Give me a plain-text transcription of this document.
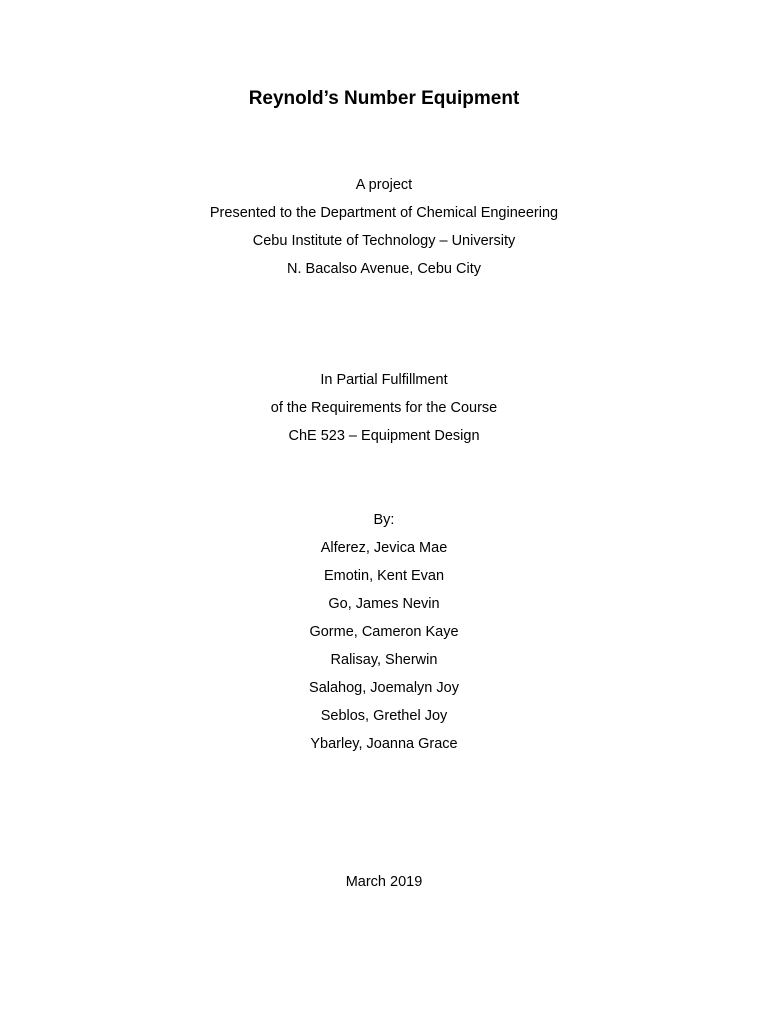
Reynold’s Number Equipment
A project
Presented to the Department of Chemical Engineering
Cebu Institute of Technology – University
N. Bacalso Avenue, Cebu City
In Partial Fulfillment
of the Requirements for the Course
ChE 523 – Equipment Design
By:
Alferez, Jevica Mae
Emotin, Kent Evan
Go, James Nevin
Gorme, Cameron Kaye
Ralisay, Sherwin
Salahog, Joemalyn Joy
Seblos, Grethel Joy
Ybarley, Joanna Grace
March 2019
